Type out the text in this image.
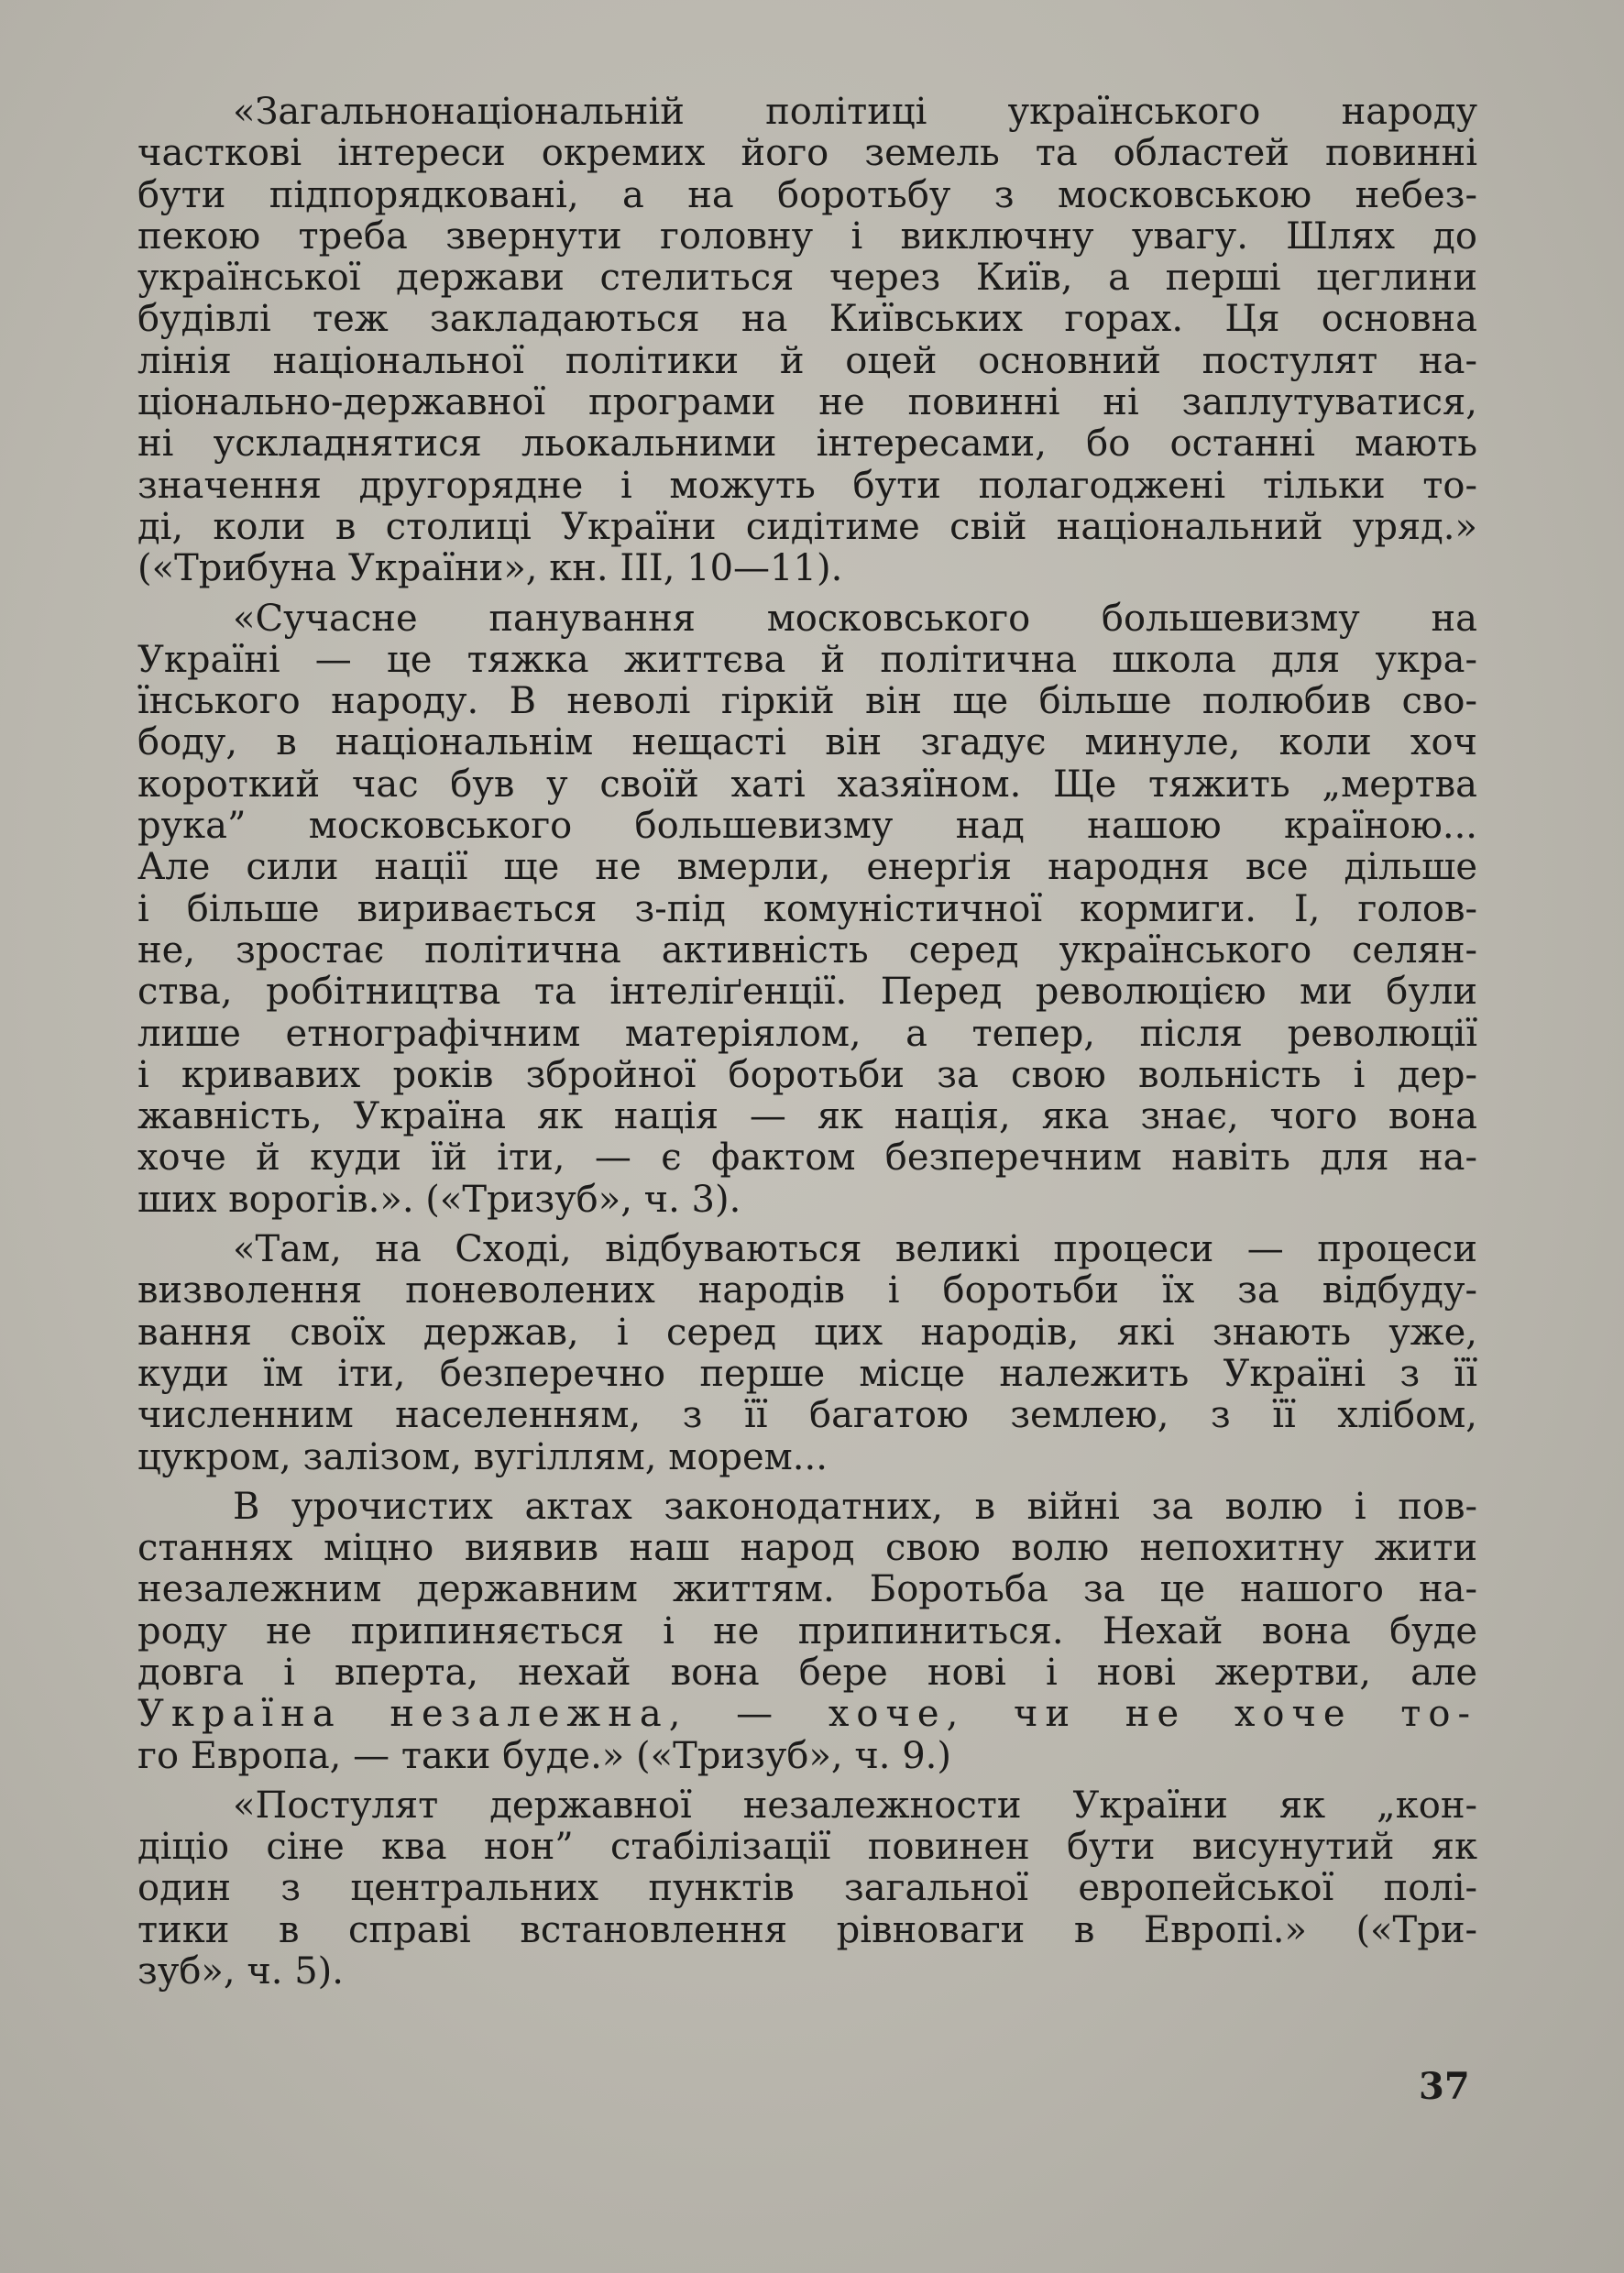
«Загальнонаціональній політиці українського народу
часткові інтереси окремих його земель та областей повинні
бути підпорядковані, а на боротьбу з московською небез-
пекою треба звернути головну і виключну увагу. Шлях до
української держави стелиться через Київ, а перші цеглини
будівлі теж закладаються на Київських горах. Ця основна
лінія національної політики й оцей основний постулят на-
ціонально-державної програми не повинні ні заплутуватися,
ні ускладнятися льокальними інтересами, бо останні мають
значення другорядне і можуть бути полагоджені тільки то-
ді, коли в столиці України сидітиме свій національний уряд.»
(«Трибуна України», кн. III, 10—11).
«Сучасне панування московського большевизму на
Україні — це тяжка життєва й політична школа для укра-
їнського народу. В неволі гіркій він ще більше полюбив сво-
боду, в національнім нещасті він згадує минуле, коли хоч
короткий час був у своїй хаті хазяїном. Ще тяжить „мертва
рука” московського большевизму над нашою країною...
Але сили нації ще не вмерли, енерґія народня все дільше
і більше виривається з-під комуністичної кормиги. І, голов-
не, зростає політична активність серед українського селян-
ства, робітництва та інтеліґенції. Перед революцією ми були
лише етнографічним матеріялом, а тепер, після революції
і кривавих років збройної боротьби за свою вольність і дер-
жавність, Україна як нація — як нація, яка знає, чого вона
хоче й куди їй іти, — є фактом безперечним навіть для на-
ших ворогів.». («Тризуб», ч. 3).
«Там, на Сході, відбуваються великі процеси — процеси
визволення поневолених народів і боротьби їх за відбуду-
вання своїх держав, і серед цих народів, які знають уже,
куди їм іти, безперечно перше місце належить Україні з її
численним населенням, з її багатою землею, з її хлібом,
цукром, залізом, вугіллям, морем...
В урочистих актах законодатних, в війні за волю і пов-
станнях міцно виявив наш народ свою волю непохитну жити
незалежним державним життям. Боротьба за це нашого на-
роду не припиняється і не припиниться. Нехай вона буде
довга і вперта, нехай вона бере нові і нові жертви, але
Україна незалежна, — хоче, чи не хоче то-
го Европа, — таки буде.» («Тризуб», ч. 9.)
«Постулят державної незалежности України як „кон-
діціо сіне ква нон” стабілізації повинен бути висунутий як
один з центральних пунктів загальної европейської полі-
тики в справі встановлення рівноваги в Европі.» («Три-
зуб», ч. 5).
37
